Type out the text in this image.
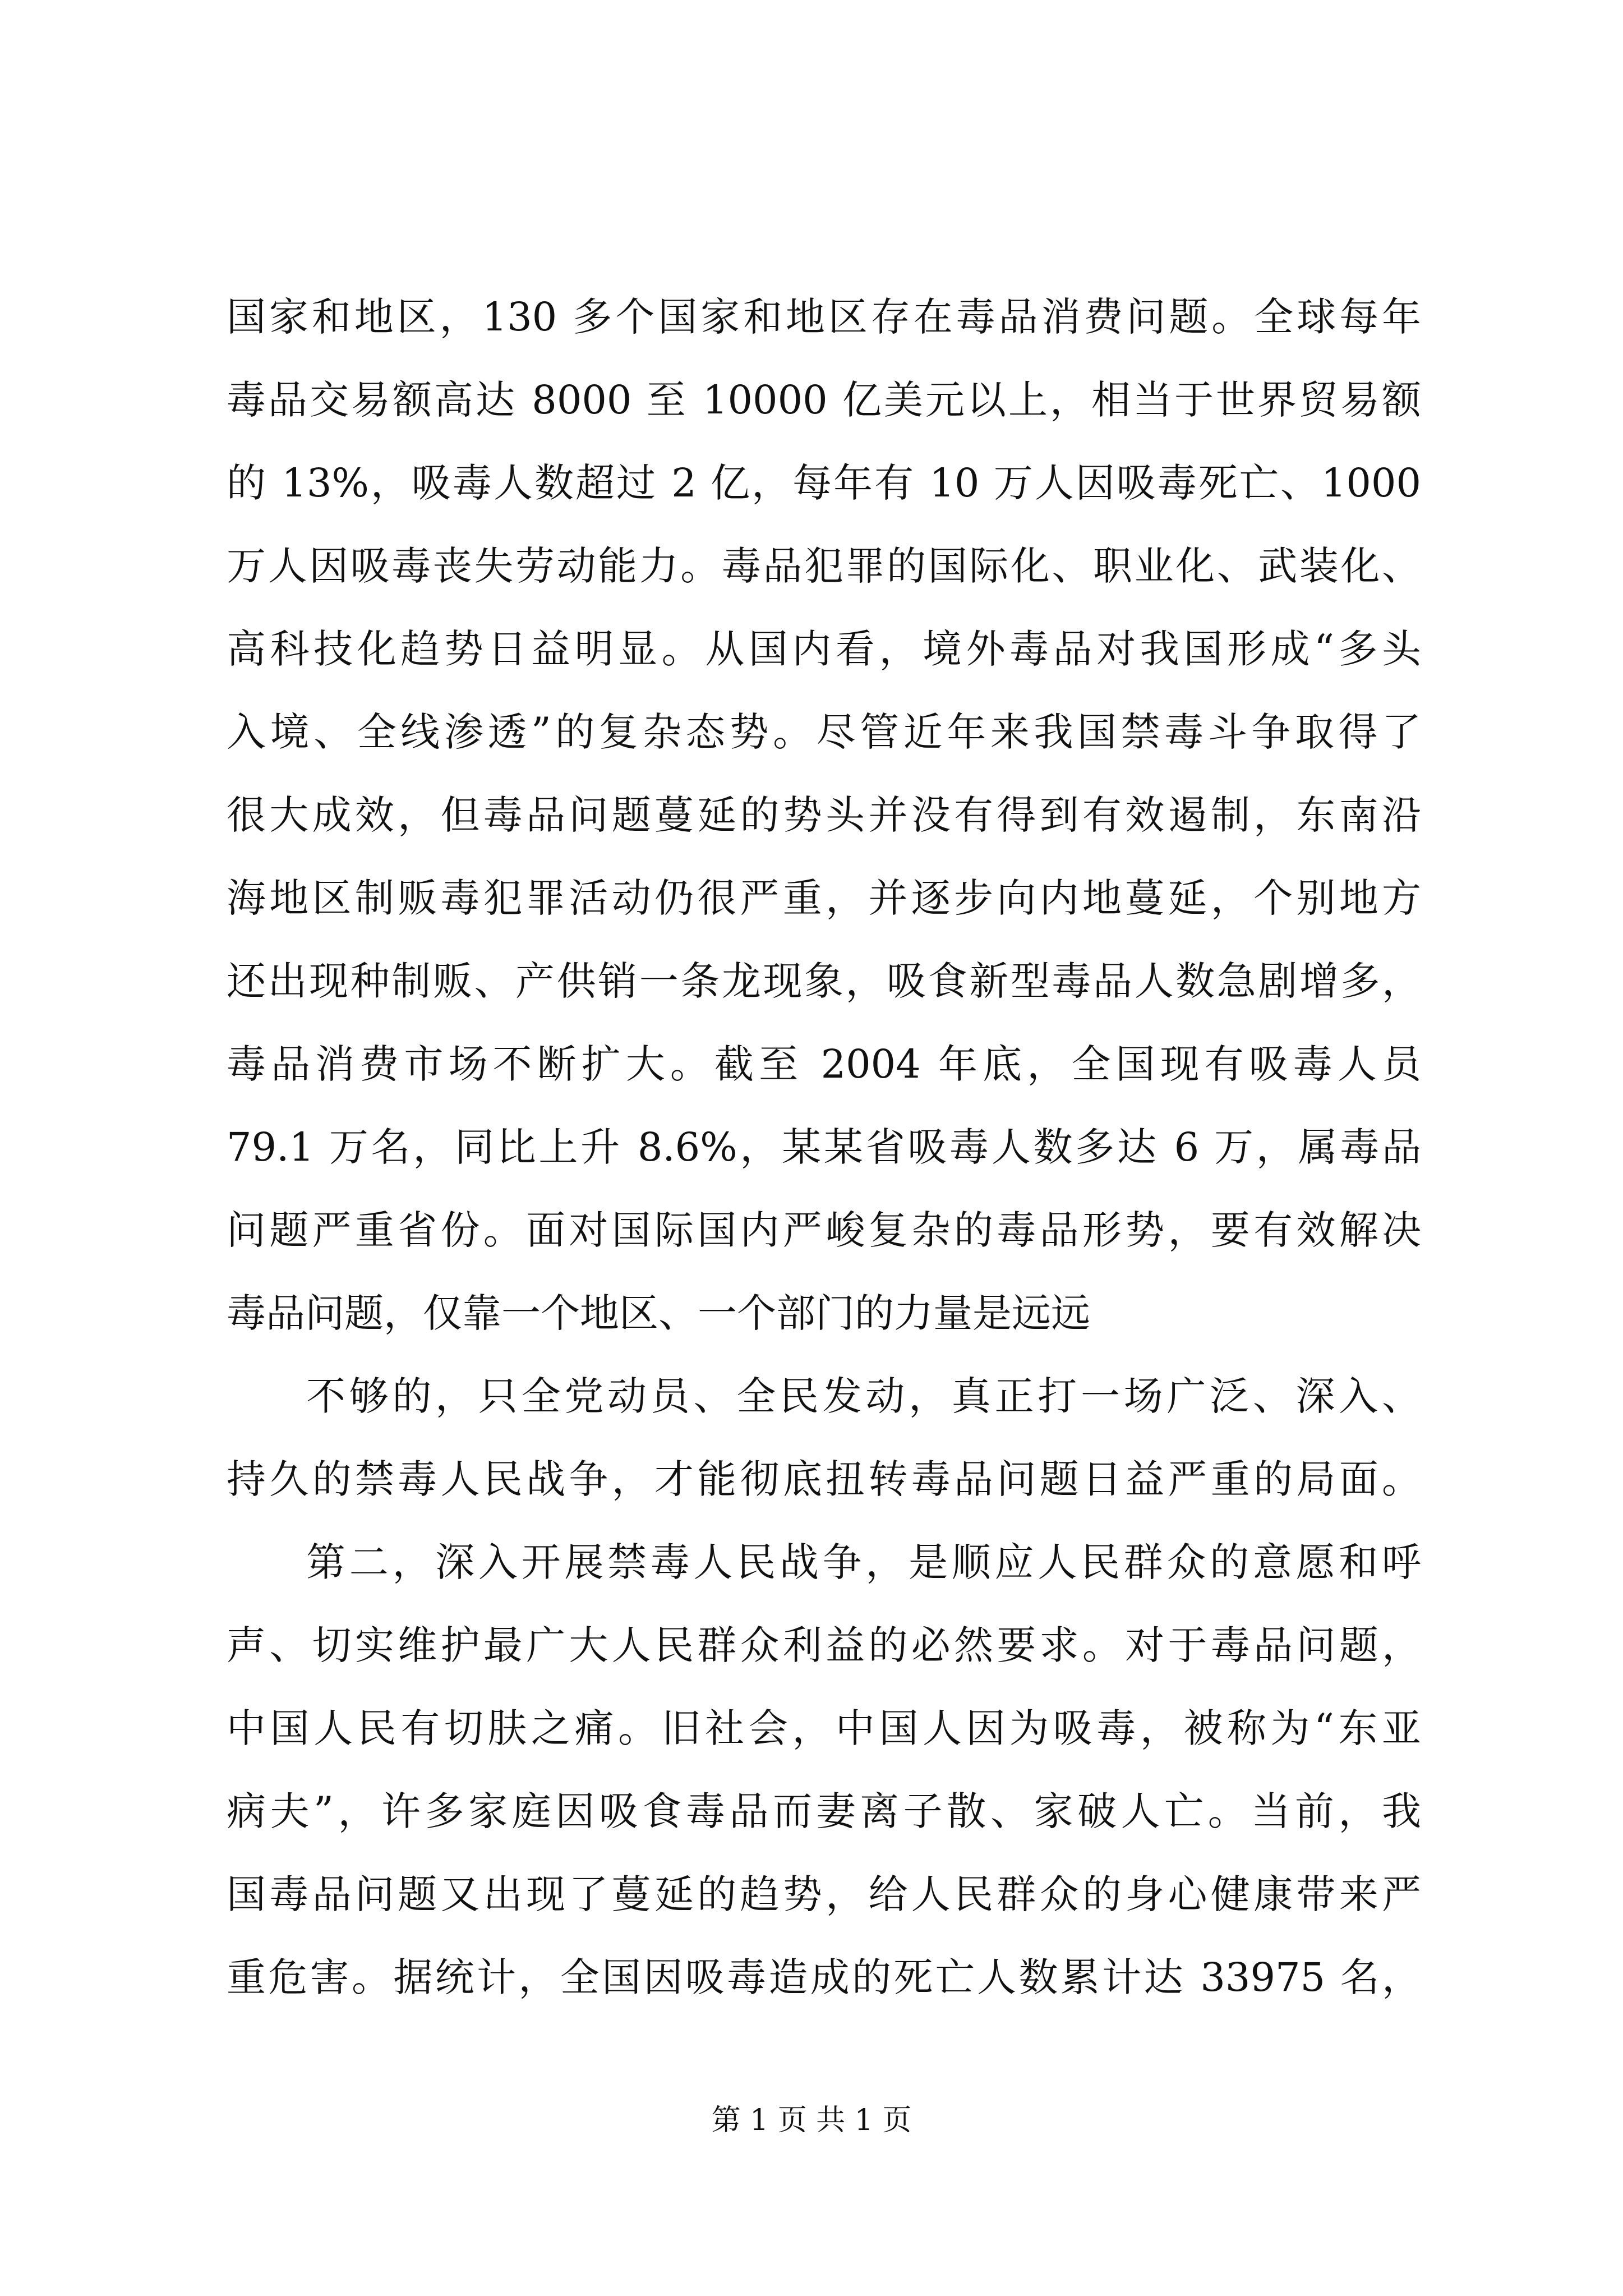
国家和地区，130 多个国家和地区存在毒品消费问题。全球每年
毒品交易额高达 8000 至 10000 亿美元以上，相当于世界贸易额
的 13%，吸毒人数超过 2 亿，每年有 10 万人因吸毒死亡、1000
万人因吸毒丧失劳动能力。毒品犯罪的国际化、职业化、武装化、
高科技化趋势日益明显。从国内看，境外毒品对我国形成“多头
入境、全线渗透”的复杂态势。尽管近年来我国禁毒斗争取得了
很大成效，但毒品问题蔓延的势头并没有得到有效遏制，东南沿
海地区制贩毒犯罪活动仍很严重，并逐步向内地蔓延，个别地方
还出现种制贩、产供销一条龙现象，吸食新型毒品人数急剧增多，
毒品消费市场不断扩大。截至 2004 年底，全国现有吸毒人员
79.1 万名，同比上升 8.6%，某某省吸毒人数多达 6 万，属毒品
问题严重省份。面对国际国内严峻复杂的毒品形势，要有效解决
毒品问题，仅靠一个地区、一个部门的力量是远远
不够的，只全党动员、全民发动，真正打一场广泛、深入、
持久的禁毒人民战争，才能彻底扭转毒品问题日益严重的局面。
第二，深入开展禁毒人民战争，是顺应人民群众的意愿和呼
声、切实维护最广大人民群众利益的必然要求。对于毒品问题，
中国人民有切肤之痛。旧社会，中国人因为吸毒，被称为“东亚
病夫”，许多家庭因吸食毒品而妻离子散、家破人亡。当前，我
国毒品问题又出现了蔓延的趋势，给人民群众的身心健康带来严
重危害。据统计，全国因吸毒造成的死亡人数累计达 33975 名，
第 1 页 共 1 页
